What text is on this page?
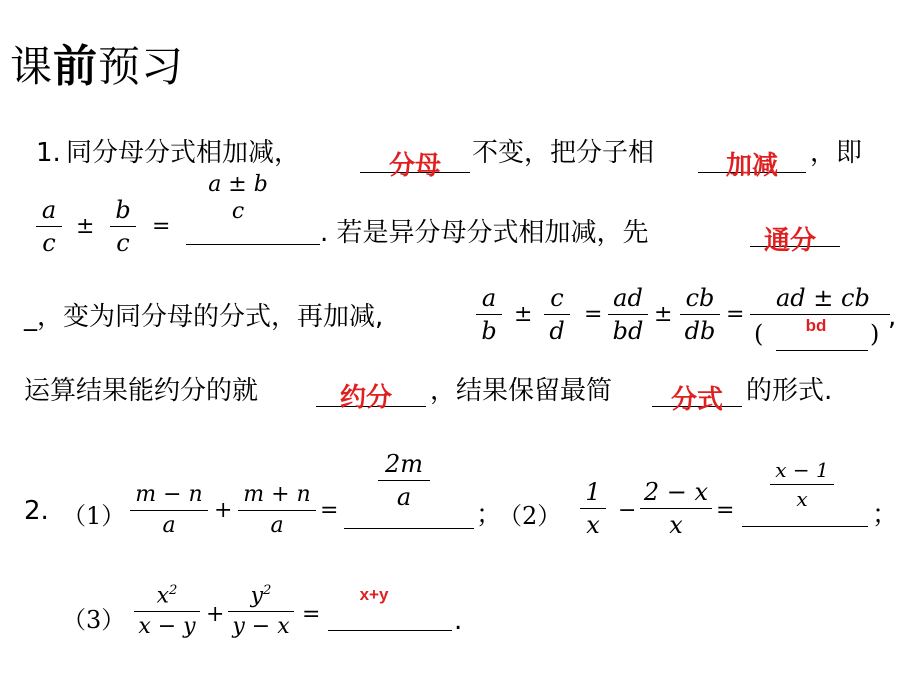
课前预习
1. 同分母分式相加减，	分母	不变，把分子相	加减	，即
a
c
±
b
c
=
a ± b
c
. 若是异分母分式相加减，先	通分
_，变为同分母的分式，再加减,
a
b
±
c
d
=
ad
bd
±
cb
db
=
ad ± cb
(	bd	)
,
运算结果能约分的就	约分	，结果保留最简	分式 的形式.
2. （1）
m − n
a
+
m + n
a
=
2m
a
；
（2）
1
x
−
2 − x
x
=
x − 1
x
；
（3）
$x^2$
x − y +
$y^2$
y − x =
x+y
.
